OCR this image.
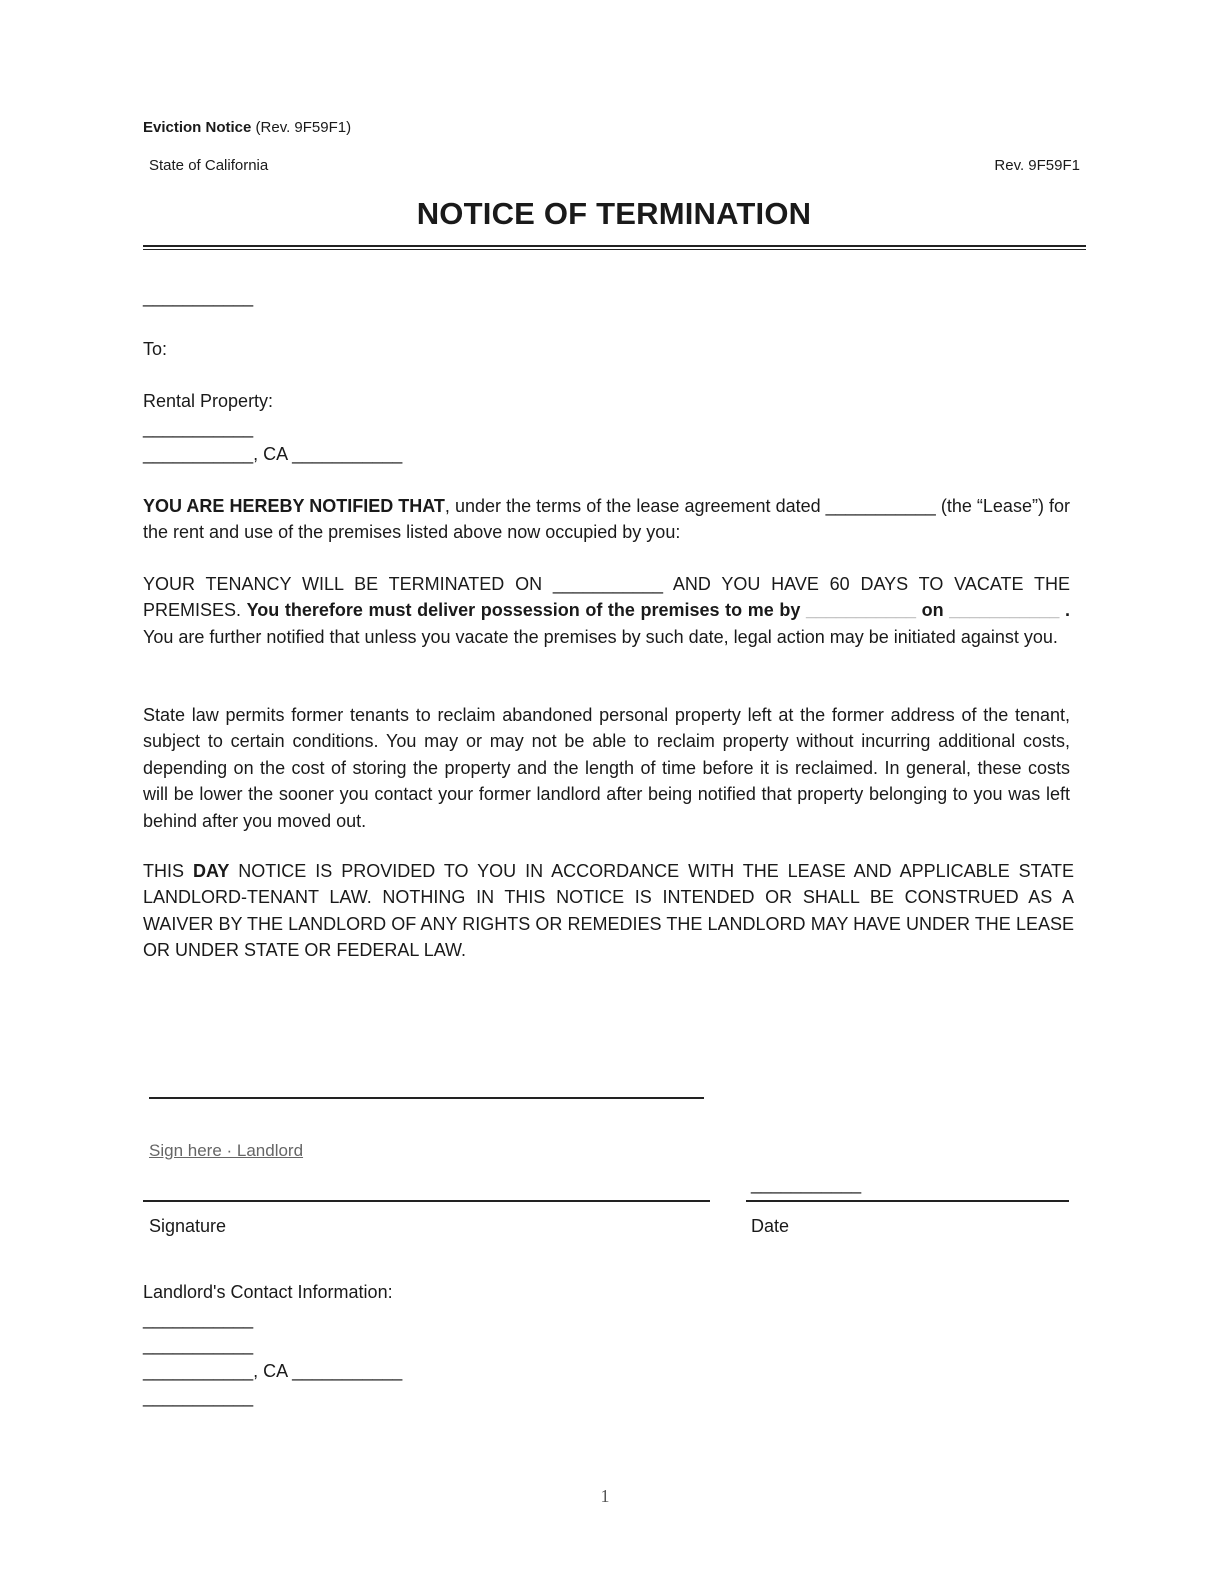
Eviction Notice (Rev. 9F59F1)
State of California	Rev. 9F59F1
NOTICE OF TERMINATION
___________
To:
Rental Property:
___________
___________, CA ___________
YOU ARE HEREBY NOTIFIED THAT, under the terms of the lease agreement dated ___________ (the “Lease”) for the rent and use of the premises listed above now occupied by you:
YOUR TENANCY WILL BE TERMINATED ON ___________ AND YOU HAVE 60 DAYS TO VACATE THE PREMISES. You therefore must deliver possession of the premises to me by ___________ on ___________ . You are further notified that unless you vacate the premises by such date, legal action may be initiated against you.
State law permits former tenants to reclaim abandoned personal property left at the former address of the tenant, subject to certain conditions. You may or may not be able to reclaim property without incurring additional costs, depending on the cost of storing the property and the length of time before it is reclaimed. In general, these costs will be lower the sooner you contact your former landlord after being notified that property belonging to you was left behind after you moved out.
THIS DAY NOTICE IS PROVIDED TO YOU IN ACCORDANCE WITH THE LEASE AND APPLICABLE STATE LANDLORD-TENANT LAW. NOTHING IN THIS NOTICE IS INTENDED OR SHALL BE CONSTRUED AS A WAIVER BY THE LANDLORD OF ANY RIGHTS OR REMEDIES THE LANDLORD MAY HAVE UNDER THE LEASE OR UNDER STATE OR FEDERAL LAW.
Sign here · Landlord
___________
Signature	Date
Landlord's Contact Information:
___________
___________
___________, CA ___________
___________
1
